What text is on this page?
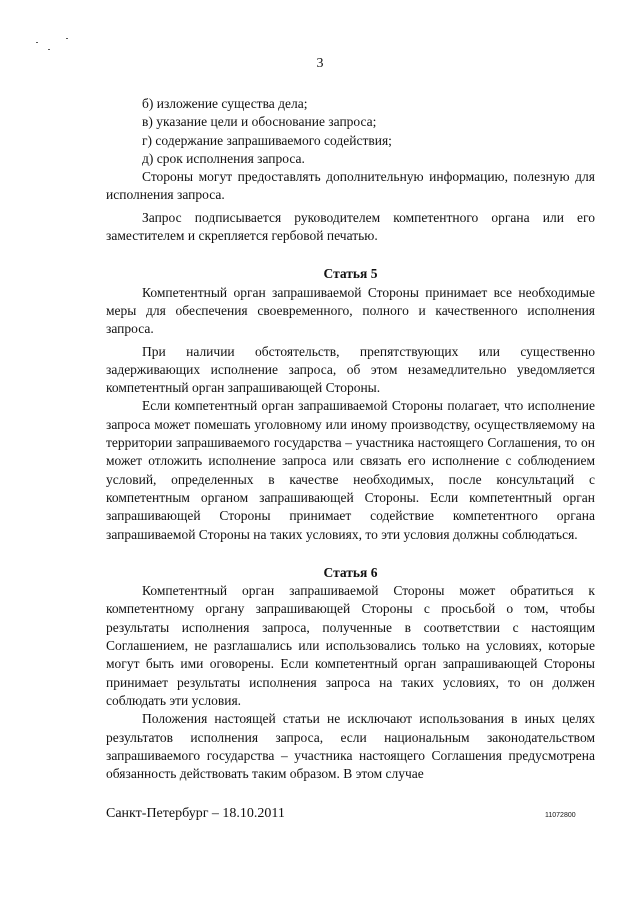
3

б) изложение существа дела;

в) указание цели и обоснование запроса;

г) содержание запрашиваемого содействия;

д) срок исполнения запроса.

Стороны могут предоставлять дополнительную информацию, полезную для исполнения запроса.

Запрос подписывается руководителем компетентного органа или его заместителем и скрепляется гербовой печатью.

Статья 5

Компетентный орган запрашиваемой Стороны принимает все необходимые меры для обеспечения своевременного, полного и качественного исполнения запроса.

При наличии обстоятельств, препятствующих или существенно задерживающих исполнение запроса, об этом незамедлительно уведомляется компетентный орган запрашивающей Стороны.

Если компетентный орган запрашиваемой Стороны полагает, что исполнение запроса может помешать уголовному или иному производству, осуществляемому на территории запрашиваемого государства – участника настоящего Соглашения, то он может отложить исполнение запроса или связать его исполнение с соблюдением условий, определенных в качестве необходимых, после консультаций с компетентным органом запрашивающей Стороны. Если компетентный орган запрашивающей Стороны принимает содействие компетентного органа запрашиваемой Стороны на таких условиях, то эти условия должны соблюдаться.

Статья 6

Компетентный орган запрашиваемой Стороны может обратиться к компетентному органу запрашивающей Стороны с просьбой о том, чтобы результаты исполнения запроса, полученные в соответствии с настоящим Соглашением, не разглашались или использовались только на условиях, которые могут быть ими оговорены. Если компетентный орган запрашивающей Стороны принимает результаты исполнения запроса на таких условиях, то он должен соблюдать эти условия.

Положения настоящей статьи не исключают использования в иных целях результатов исполнения запроса, если национальным законодательством запрашиваемого государства – участника настоящего Соглашения предусмотрена обязанность действовать таким образом. В этом случае

Санкт-Петербург – 18.10.2011	11072800
